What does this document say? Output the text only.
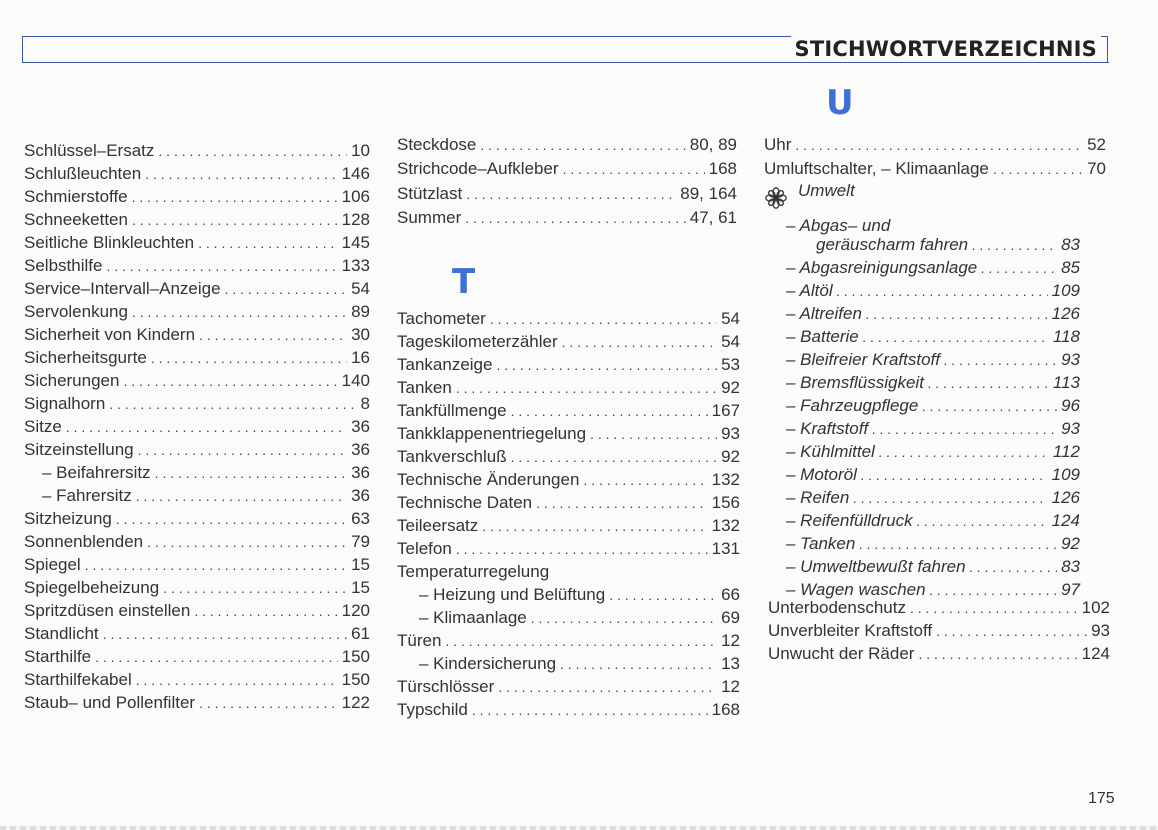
STICHWORTVERZEICHNIS
T
U
Schlüssel–Ersatz . . .	10
Schlußleuchten . . .	146
Schmierstoffe . . .	106
Schneeketten . . .	128
Seitliche Blinkleuchten . . .	145
Selbsthilfe . . .	133
Service–Intervall–Anzeige . . .	54
Servolenkung . . .	89
Sicherheit von Kindern . . .	30
Sicherheitsgurte . . .	16
Sicherungen . . .	140
Signalhorn . . .	8
Sitze . . .	36
Sitzeinstellung . . .	36
– Beifahrersitz . . .	36
– Fahrersitz . . .	36
Sitzheizung . . .	63
Sonnenblenden . . .	79
Spiegel . . .	15
Spiegelbeheizung . . .	15
Spritzdüsen einstellen . . .	120
Standlicht . . .	61
Starthilfe . . .	150
Starthilfekabel . . .	150
Staub– und Pollenfilter . . .	122
Steckdose . . .	80, 89
Strichcode–Aufkleber . . .	168
Stützlast . . .	89, 164
Summer . . .	47, 61
Tachometer . . .	54
Tageskilometerzähler . . .	54
Tankanzeige . . .	53
Tanken . . .	92
Tankfüllmenge . . .	167
Tankklappenentriegelung . . .	93
Tankverschluß . . .	92
Technische Änderungen . . .	132
Technische Daten . . .	156
Teileersatz . . .	132
Telefon . . .	131
Temperaturregelung
– Heizung und Belüftung . . .	66
– Klimaanlage . . .	69
Türen . . .	12
– Kindersicherung . . .	13
Türschlösser . . .	12
Typschild . . .	168
Uhr . . .	52
Umluftschalter, – Klimaanlage . . .	70
Umwelt
– Abgas– und
geräuscharm fahren . . .	83
– Abgasreinigungsanlage . . .	85
– Altöl . . .	109
– Altreifen . . .	126
– Batterie . . .	118
– Bleifreier Kraftstoff . . .	93
– Bremsflüssigkeit . . .	113
– Fahrzeugpflege . . .	96
– Kraftstoff . . .	93
– Kühlmittel . . .	112
– Motoröl . . .	109
– Reifen . . .	126
– Reifenfülldruck . . .	124
– Tanken . . .	92
– Umweltbewußt fahren . . .	83
– Wagen waschen . . .	97
Unterbodenschutz . . .	102
Unverbleiter Kraftstoff . . .	93
Unwucht der Räder . . .	124
175
